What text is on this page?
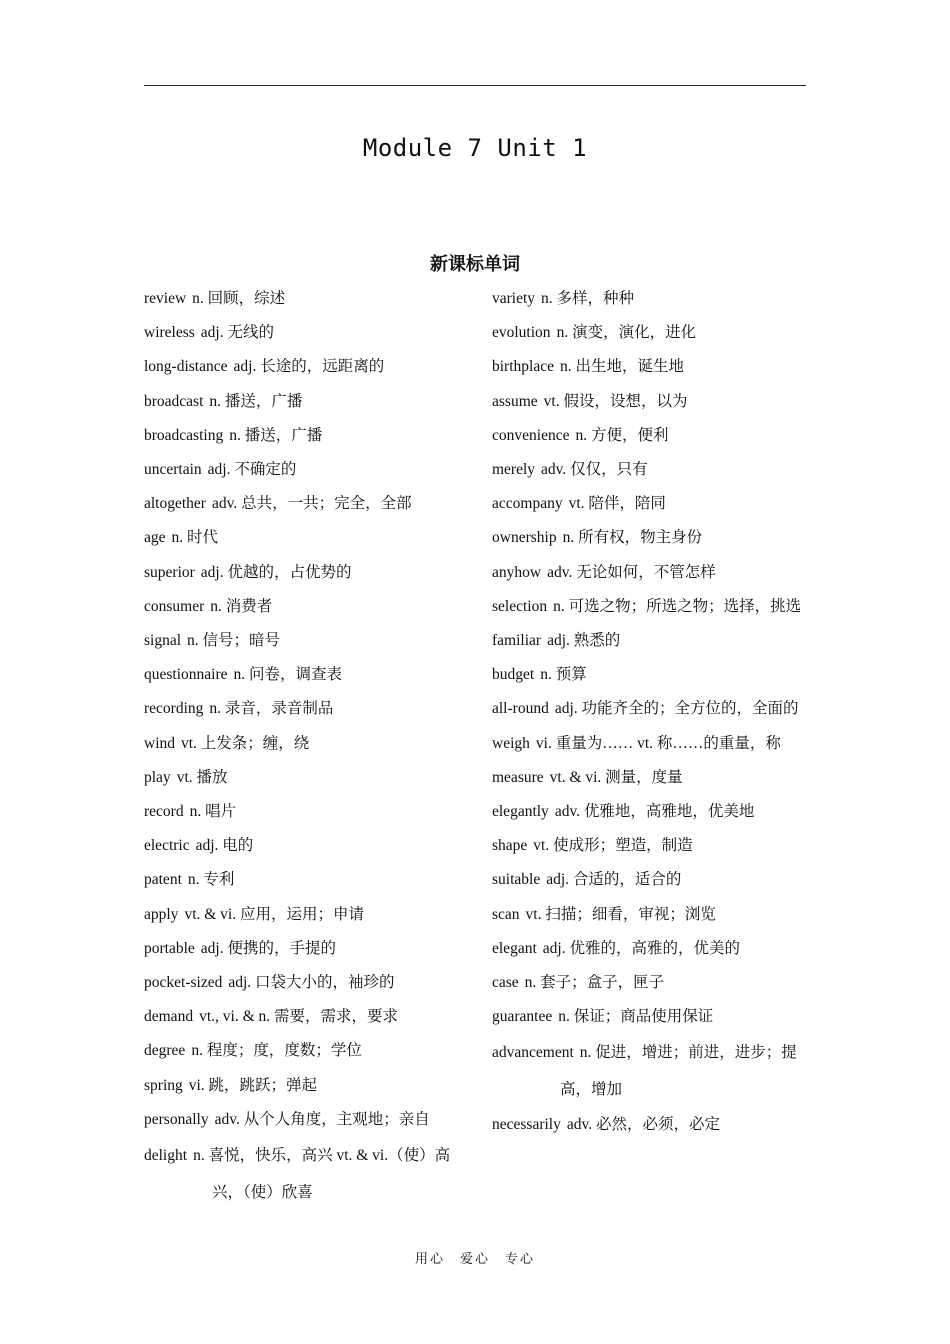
Module 7 Unit 1
新课标单词
review n. 回顾，综述
wireless adj. 无线的
long-distance adj. 长途的，远距离的
broadcast n. 播送，广播
broadcasting n. 播送，广播
uncertain adj. 不确定的
altogether adv. 总共，一共；完全，全部
age n. 时代
superior adj. 优越的，占优势的
consumer n. 消费者
signal n. 信号；暗号
questionnaire n. 问卷，调查表
recording n. 录音，录音制品
wind vt. 上发条；缠，绕
play vt. 播放
record n. 唱片
electric adj. 电的
patent n. 专利
apply vt. & vi. 应用，运用；申请
portable adj. 便携的，手提的
pocket-sized adj. 口袋大小的，袖珍的
demand vt., vi. & n. 需要，需求，要求
degree n. 程度；度，度数；学位
spring vi. 跳，跳跃；弹起
personally adv. 从个人角度，主观地；亲自
delight n. 喜悦，快乐，高兴 vt. & vi.（使）高兴，（使）欣喜
variety n. 多样，种种
evolution n. 演变，演化，进化
birthplace n. 出生地，诞生地
assume vt. 假设，设想，以为
convenience n. 方便，便利
merely adv. 仅仅，只有
accompany vt. 陪伴，陪同
ownership n. 所有权，物主身份
anyhow adv. 无论如何，不管怎样
selection n. 可选之物；所选之物；选择，挑选
familiar adj. 熟悉的
budget n. 预算
all-round adj. 功能齐全的；全方位的，全面的
weigh vi. 重量为…… vt. 称……的重量，称
measure vt. & vi. 测量，度量
elegantly adv. 优雅地，高雅地，优美地
shape vt. 使成形；塑造，制造
suitable adj. 合适的，适合的
scan vt. 扫描；细看，审视；浏览
elegant adj. 优雅的，高雅的，优美的
case n. 套子；盒子，匣子
guarantee n. 保证；商品使用保证
advancement n. 促进，增进；前进，进步；提高，增加
necessarily adv. 必然，必须，必定
用心　爱心　专心
